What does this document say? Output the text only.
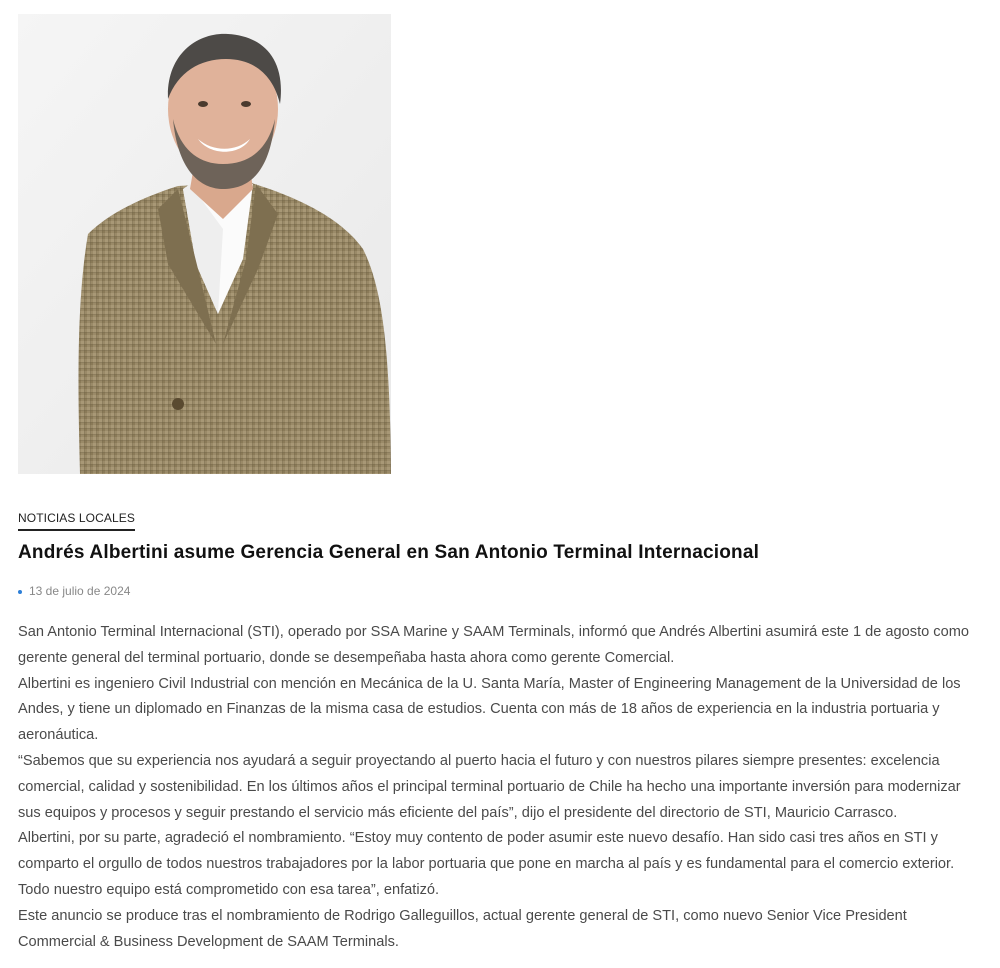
NOTICIAS LOCALES
Andrés Albertini asume Gerencia General en San Antonio Terminal Internacional
13 de julio de 2024

San Antonio Terminal Internacional (STI), operado por SSA Marine y SAAM Terminals, informó que Andrés Albertini asumirá este 1 de agosto como gerente general del terminal portuario, donde se desempeñaba hasta ahora como gerente Comercial.

Albertini es ingeniero Civil Industrial con mención en Mecánica de la U. Santa María, Master of Engineering Management de la Universidad de los Andes, y tiene un diplomado en Finanzas de la misma casa de estudios. Cuenta con más de 18 años de experiencia en la industria portuaria y aeronáutica.

“Sabemos que su experiencia nos ayudará a seguir proyectando al puerto hacia el futuro y con nuestros pilares siempre presentes: excelencia comercial, calidad y sostenibilidad. En los últimos años el principal terminal portuario de Chile ha hecho una importante inversión para modernizar sus equipos y procesos y seguir prestando el servicio más eficiente del país”, dijo el presidente del directorio de STI, Mauricio Carrasco.

Albertini, por su parte, agradeció el nombramiento. “Estoy muy contento de poder asumir este nuevo desafío. Han sido casi tres años en STI y comparto el orgullo de todos nuestros trabajadores por la labor portuaria que pone en marcha al país y es fundamental para el comercio exterior. Todo nuestro equipo está comprometido con esa tarea”, enfatizó.

Este anuncio se produce tras el nombramiento de Rodrigo Galleguillos, actual gerente general de STI, como nuevo Senior Vice President Commercial & Business Development de SAAM Terminals.
